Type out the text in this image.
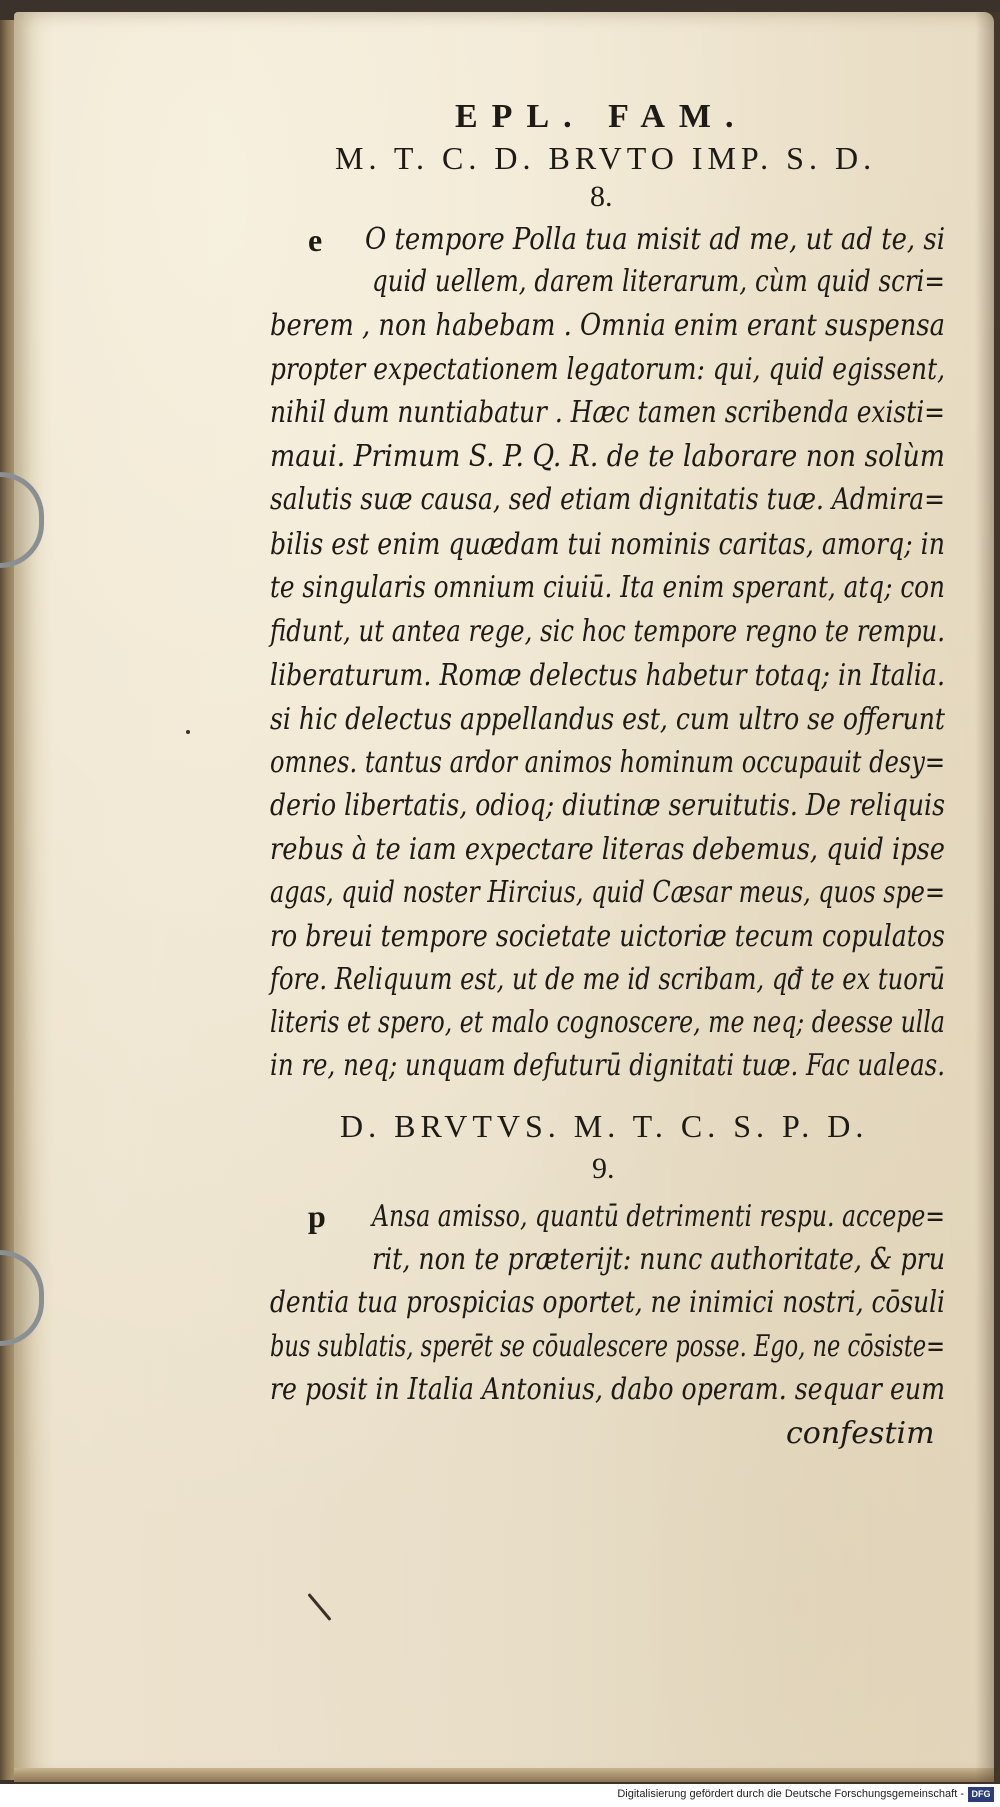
EPL. FAM.
M. T. C. D. BRVTO IMP. S. D.
8.
e O tempore Polla tua misit ad me, ut ad te, si
quid uellem, darem literarum, cùm quid scri=
berem , non habebam . Omnia enim erant suspensa
propter expectationem legatorum: qui, quid egissent,
nihil dum nuntiabatur . Hæc tamen scribenda existi=
maui. Primum S. P. Q. R. de te laborare non solùm
salutis suæ causa, sed etiam dignitatis tuæ. Admira=
bilis est enim quædam tui nominis caritas, amorq; in
te singularis omnium ciuiū. Ita enim sperant, atq; con
fidunt, ut antea rege, sic hoc tempore regno te rempu.
liberaturum. Romæ delectus habetur totaq; in Italia.
si hic delectus appellandus est, cum ultro se offerunt
omnes. tantus ardor animos hominum occupauit desy=
derio libertatis, odioq; diutinæ seruitutis. De reliquis
rebus à te iam expectare literas debemus, quid ipse
agas, quid noster Hircius, quid Cæsar meus, quos spe=
ro breui tempore societate uictoriæ tecum copulatos
fore. Reliquum est, ut de me id scribam, qđ te ex tuorū
literis et spero, et malo cognoscere, me neq; deesse ulla
in re, neq; unquam defuturū dignitati tuæ. Fac ualeas.
D. BRVTVS. M. T. C. S. P. D.
9.
p Ansa amisso, quantū detrimenti respu. accepe=
rit, non te præterijt: nunc authoritate, & pru
dentia tua prospicias oportet, ne inimici nostri, cōsuli
bus sublatis, sperēt se cōualescere posse. Ego, ne cōsiste=
re posit in Italia Antonius, dabo operam. sequar eum
confestim
Digitalisierung gefördert durch die Deutsche Forschungsgemeinschaft - DFG
